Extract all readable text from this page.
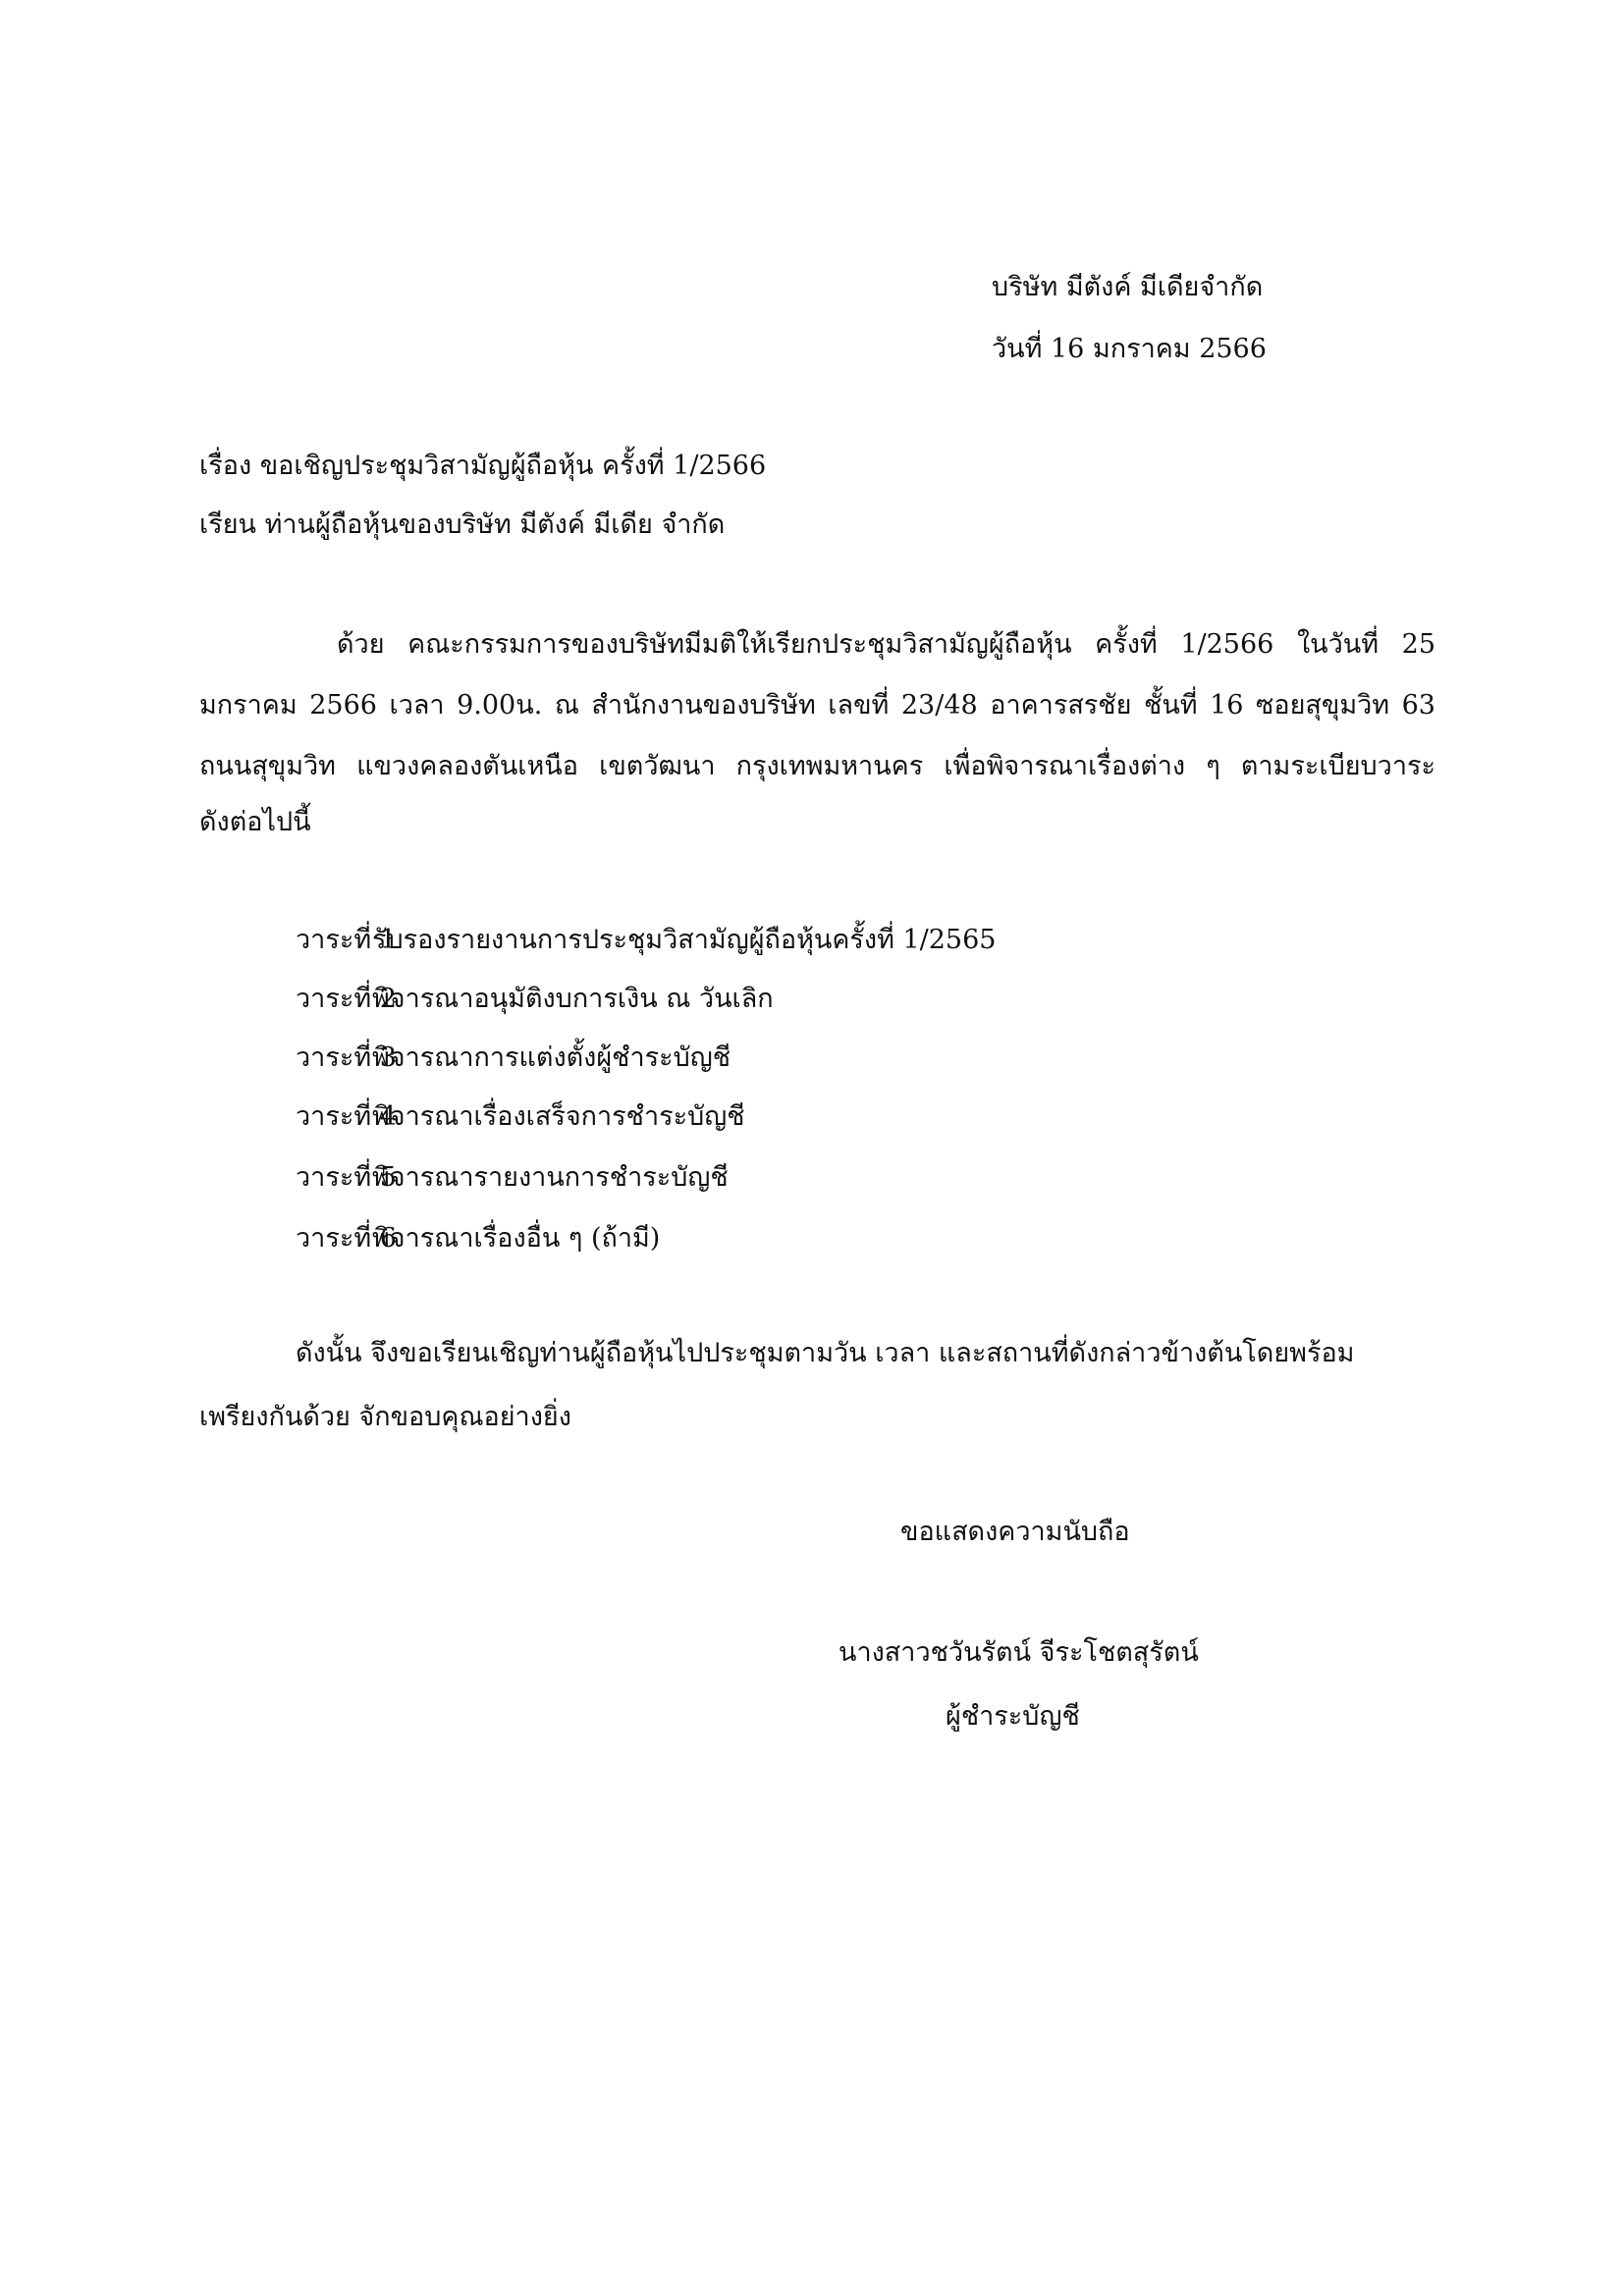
บริษัท มีตังค์ มีเดียจำกัด
วันที่ 16 มกราคม 2566
เรื่อง ขอเชิญประชุมวิสามัญผู้ถือหุ้น ครั้งที่ 1/2566
เรียน ท่านผู้ถือหุ้นของบริษัท มีตังค์ มีเดีย จำกัด
ด้วย คณะกรรมการของบริษัทมีมติให้เรียกประชุมวิสามัญผู้ถือหุ้น ครั้งที่ 1/2566 ในวันที่ 25
มกราคม 2566 เวลา 9.00น. ณ สำนักงานของบริษัท เลขที่ 23/48 อาคารสรชัย ชั้นที่ 16 ซอยสุขุมวิท 63
ถนนสุขุมวิท แขวงคลองตันเหนือ เขตวัฒนา กรุงเทพมหานคร เพื่อพิจารณาเรื่องต่าง ๆ ตามระเบียบวาระ
ดังต่อไปนี้
วาระที่ 1
รับรองรายงานการประชุมวิสามัญผู้ถือหุ้นครั้งที่ 1/2565
วาระที่ 2
พิจารณาอนุมัติงบการเงิน ณ วันเลิก
วาระที่ 3
พิจารณาการแต่งตั้งผู้ชำระบัญชี
วาระที่ 4
พิจารณาเรื่องเสร็จการชำระบัญชี
วาระที่ 5
พิจารณารายงานการชำระบัญชี
วาระที่ 6
พิจารณาเรื่องอื่น ๆ (ถ้ามี)
ดังนั้น จึงขอเรียนเชิญท่านผู้ถือหุ้นไปประชุมตามวัน เวลา และสถานที่ดังกล่าวข้างต้นโดยพร้อม
เพรียงกันด้วย จักขอบคุณอย่างยิ่ง
ขอแสดงความนับถือ
นางสาวชวันรัตน์ จีระโชตสุรัตน์
ผู้ชำระบัญชี
